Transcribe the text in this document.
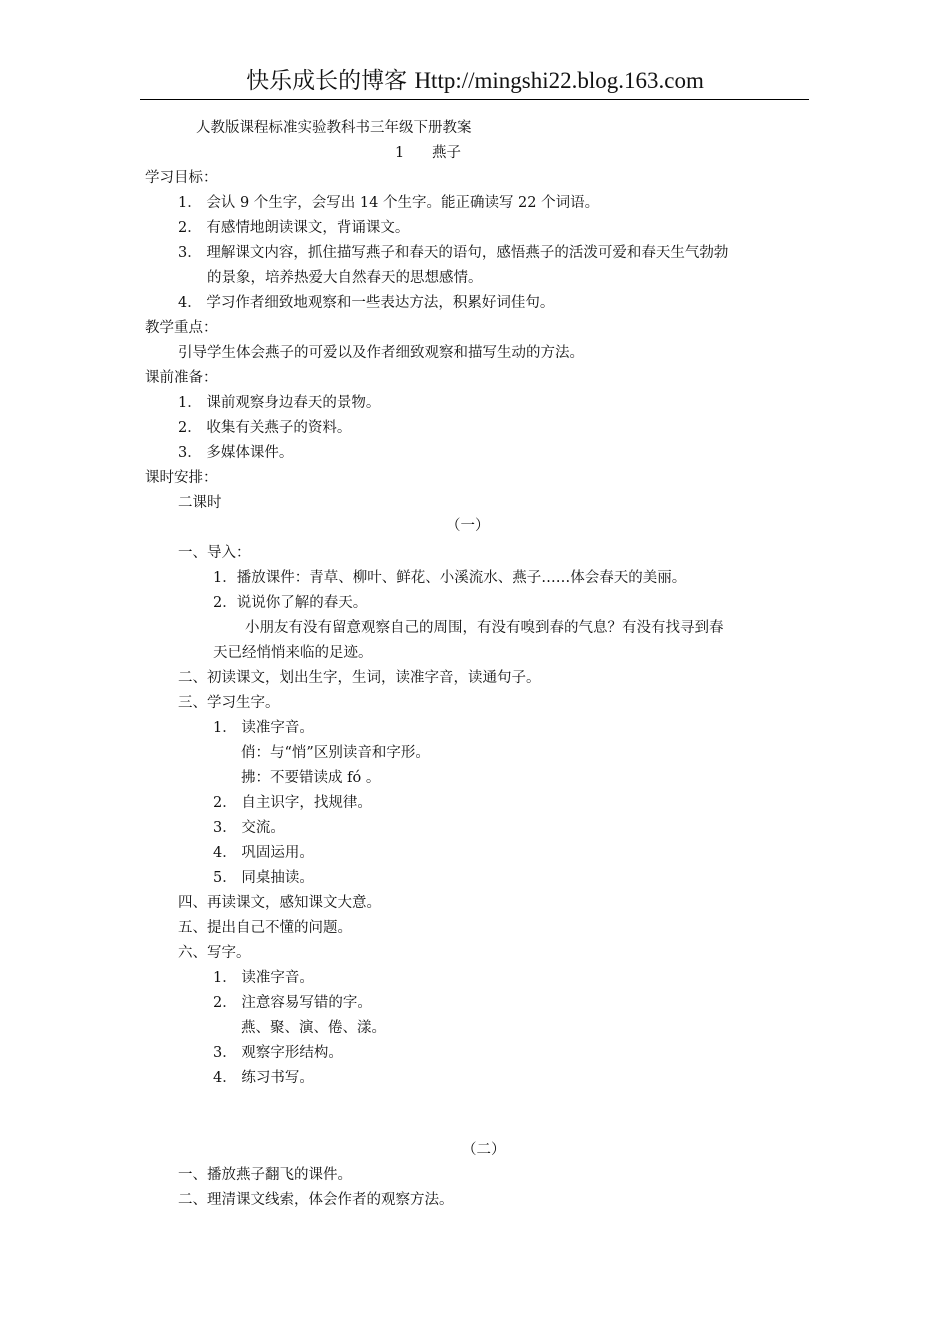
快乐成长的博客 Http://mingshi22.blog.163.com
人教版课程标准实验教科书三年级下册教案
1 燕子
学习目标：
1． 会认 9 个生字，会写出 14 个生字。能正确读写 22 个词语。
2． 有感情地朗读课文，背诵课文。
3． 理解课文内容，抓住描写燕子和春天的语句，感悟燕子的活泼可爱和春天生气勃勃
的景象，培养热爱大自然春天的思想感情。
4． 学习作者细致地观察和一些表达方法，积累好词佳句。
教学重点：
引导学生体会燕子的可爱以及作者细致观察和描写生动的方法。
课前准备：
1． 课前观察身边春天的景物。
2． 收集有关燕子的资料。
3． 多媒体课件。
课时安排：
二课时
（一）
一、导入：
1．播放课件：青草、柳叶、鲜花、小溪流水、燕子……体会春天的美丽。
2．说说你了解的春天。
小朋友有没有留意观察自己的周围，有没有嗅到春的气息？有没有找寻到春
天已经悄悄来临的足迹。
二、初读课文，划出生字，生词，读准字音，读通句子。
三、学习生字。
1． 读准字音。
俏：与“悄”区别读音和字形。
拂：不要错读成 fó 。
2． 自主识字，找规律。
3． 交流。
4． 巩固运用。
5． 同桌抽读。
四、再读课文，感知课文大意。
五、提出自己不懂的问题。
六、写字。
1． 读准字音。
2． 注意容易写错的字。
燕、聚、演、倦、漾。
3． 观察字形结构。
4． 练习书写。
（二）
一、播放燕子翻飞的课件。
二、理清课文线索，体会作者的观察方法。
